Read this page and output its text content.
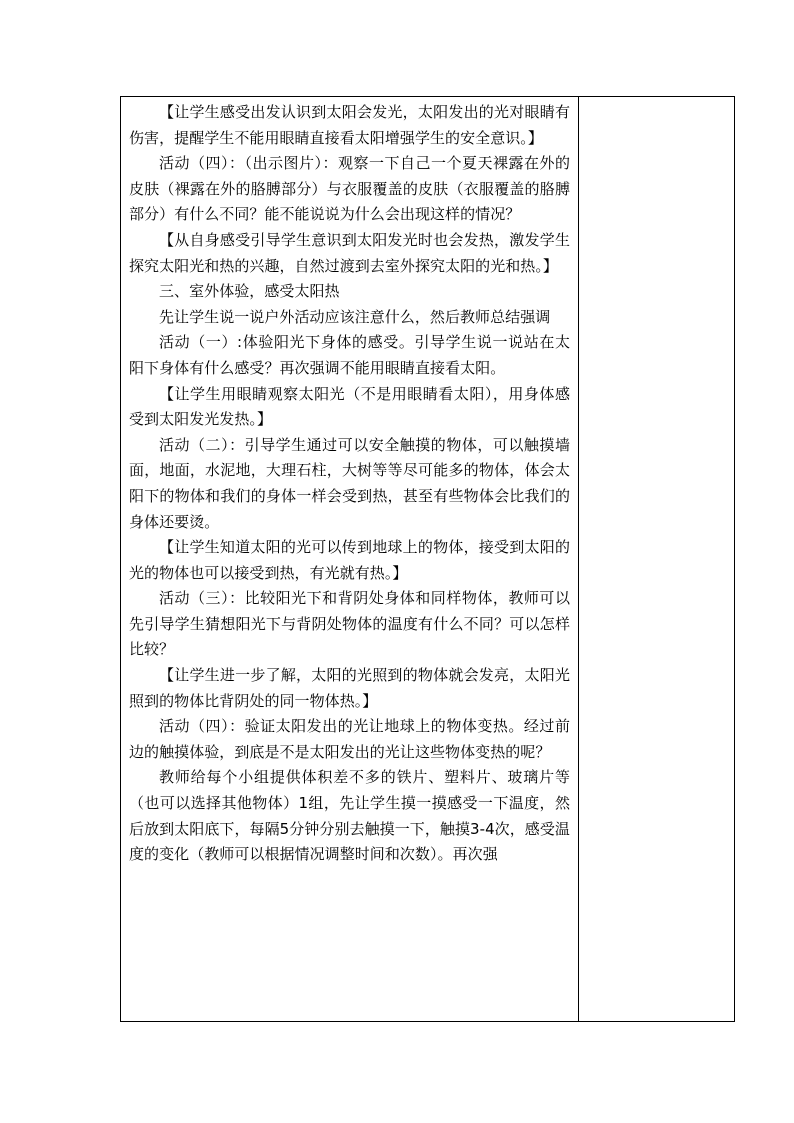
【让学生感受出发认识到太阳会发光，太阳发出的光对眼睛有伤害，提醒学生不能用眼睛直接看太阳增强学生的安全意识。】

活动（四）：（出示图片）：观察一下自己一个夏天裸露在外的皮肤（裸露在外的胳膊部分）与衣服覆盖的皮肤（衣服覆盖的胳膊部分）有什么不同？能不能说说为什么会出现这样的情况？

【从自身感受引导学生意识到太阳发光时也会发热，激发学生探究太阳光和热的兴趣，自然过渡到去室外探究太阳的光和热。】

三、室外体验，感受太阳热

先让学生说一说户外活动应该注意什么，然后教师总结强调

活动（一）:体验阳光下身体的感受。引导学生说一说站在太阳下身体有什么感受？再次强调不能用眼睛直接看太阳。

【让学生用眼睛观察太阳光（不是用眼睛看太阳），用身体感受到太阳发光发热。】

活动（二）：引导学生通过可以安全触摸的物体，可以触摸墙面，地面，水泥地，大理石柱，大树等等尽可能多的物体，体会太阳下的物体和我们的身体一样会受到热，甚至有些物体会比我们的身体还要烫。

【让学生知道太阳的光可以传到地球上的物体，接受到太阳的光的物体也可以接受到热，有光就有热。】

活动（三）：比较阳光下和背阴处身体和同样物体，教师可以先引导学生猜想阳光下与背阴处物体的温度有什么不同？可以怎样比较？

【让学生进一步了解，太阳的光照到的物体就会发亮，太阳光照到的物体比背阴处的同一物体热。】

活动（四）：验证太阳发出的光让地球上的物体变热。经过前边的触摸体验，到底是不是太阳发出的光让这些物体变热的呢？

教师给每个小组提供体积差不多的铁片、塑料片、玻璃片等（也可以选择其他物体）1组，先让学生摸一摸感受一下温度，然后放到太阳底下，每隔5分钟分别去触摸一下，触摸3-4次，感受温度的变化（教师可以根据情况调整时间和次数）。再次强
